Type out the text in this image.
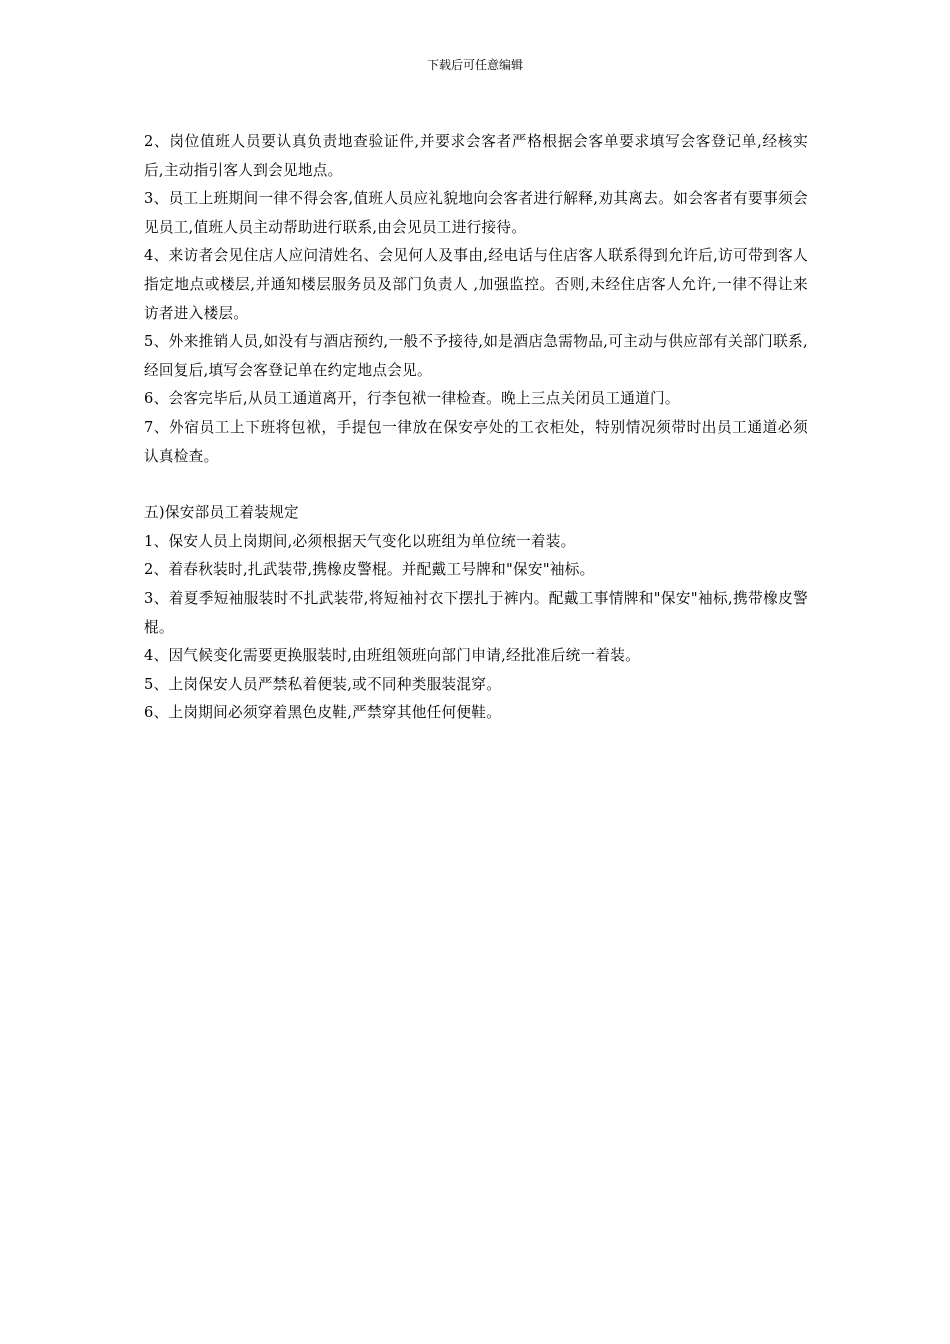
下载后可任意编辑

2、岗位值班人员要认真负责地查验证件,并要求会客者严格根据会客单要求填写会客登记单,经核实后,主动指引客人到会见地点。

3、员工上班期间一律不得会客,值班人员应礼貌地向会客者进行解释,劝其离去。如会客者有要事须会见员工,值班人员主动帮助进行联系,由会见员工进行接待。

4、来访者会见住店人应问清姓名、会见何人及事由,经电话与住店客人联系得到允许后,访可带到客人指定地点或楼层,并通知楼层服务员及部门负责人 ,加强监控。否则,未经住店客人允许,一律不得让来访者进入楼层。

5、外来推销人员,如没有与酒店预约,一般不予接待,如是酒店急需物品,可主动与供应部有关部门联系,经回复后,填写会客登记单在约定地点会见。

6、会客完毕后,从员工通道离开，行李包袱一律检查。晚上三点关闭员工通道门。

7、外宿员工上下班将包袱，手提包一律放在保安亭处的工衣柜处，特别情况须带时出员工通道必须认真检查。

五)保安部员工着装规定

1、保安人员上岗期间,必须根据天气变化以班组为单位统一着装。

2、着春秋装时,扎武装带,携橡皮警棍。并配戴工号牌和"保安"袖标。

3、着夏季短袖服装时不扎武装带,将短袖衬衣下摆扎于裤内。配戴工事情牌和"保安"袖标,携带橡皮警棍。

4、因气候变化需要更换服装时,由班组领班向部门申请,经批准后统一着装。

5、上岗保安人员严禁私着便装,或不同种类服装混穿。

6、上岗期间必须穿着黑色皮鞋,严禁穿其他任何便鞋。
